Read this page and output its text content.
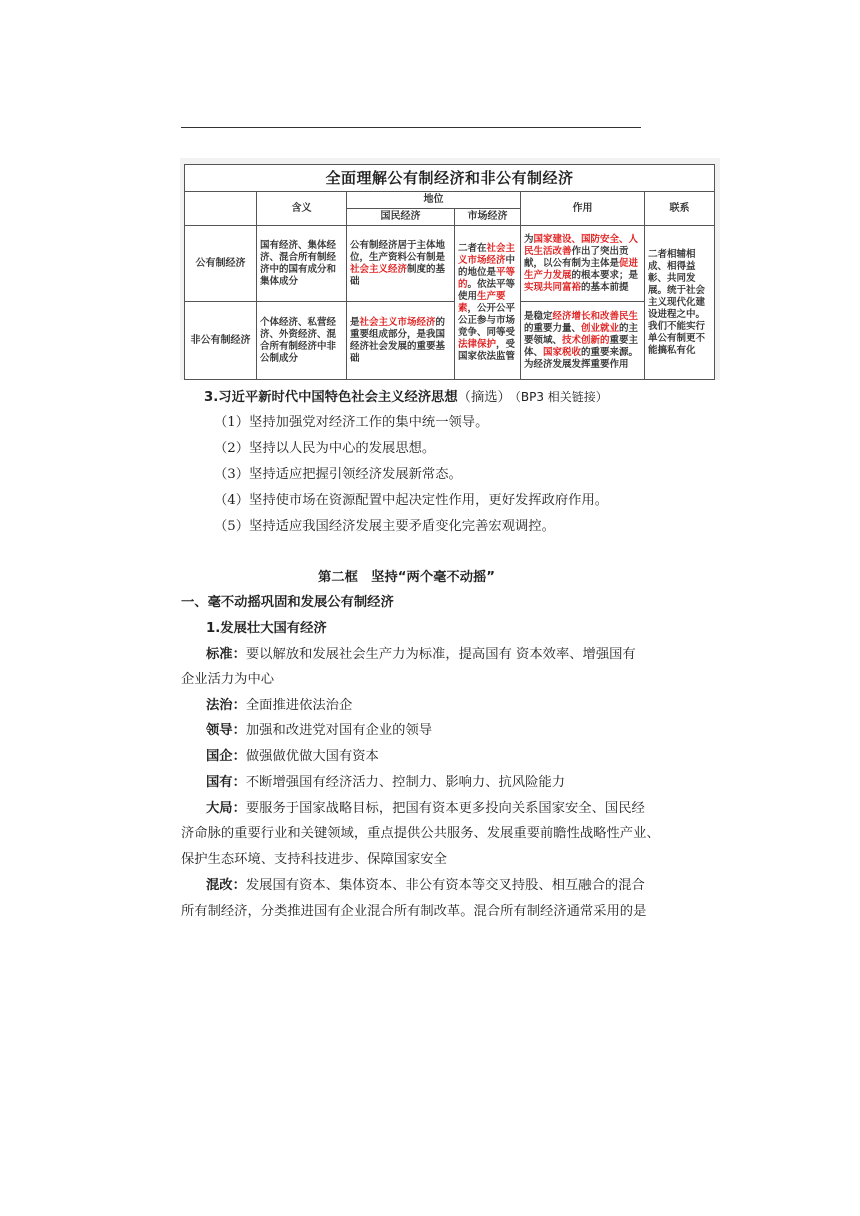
全面理解公有制经济和非公有制经济					
	含义	地位		作用	联系
		国民经济	市场经济		
公有制经济	国有经济、集体经济、混合所有制经济中的国有成分和集体成分	公有制经济居于主体地位，生产资料公有制是社会主义经济制度的基础	二者在社会主义市场经济中的地位是平等的。依法平等使用生产要素，公开公平公正参与市场竞争、同等受法律保护，受国家依法监管	为国家建设、国防安全、人民生活改善作出了突出贡献，以公有制为主体是促进生产力发展的根本要求；是实现共同富裕的基本前提	二者相辅相成、相得益彰、共同发展。统于社会主义现代化建设进程之中。我们不能实行单公有制更不能搞私有化
非公有制经济	个体经济、私营经济、外资经济、混合所有制经济中非公制成分	是社会主义市场经济的重要组成部分，是我国经济社会发展的重要基础		是稳定经济增长和改善民生的重要力量、创业就业的主要领域、技术创新的重要主体、国家税收的重要来源。为经济发展发挥重要作用	
3.习近平新时代中国特色社会主义经济思想（摘选） （BP3 相关链接）
（1）坚持加强党对经济工作的集中统一领导。
（2）坚持以人民为中心的发展思想。
（3）坚持适应把握引领经济发展新常态。
（4）坚持使市场在资源配置中起决定性作用，更好发挥政府作用。
（5）坚持适应我国经济发展主要矛盾变化完善宏观调控。
第二框　坚持“两个毫不动摇”
一、毫不动摇巩固和发展公有制经济
1.发展壮大国有经济
标准：要以解放和发展社会生产力为标准，提高国有 资本效率、增强国有
企业活力为中心
法治：全面推进依法治企
领导：加强和改进党对国有企业的领导
国企：做强做优做大国有资本
国有：不断增强国有经济活力、控制力、影响力、抗风险能力
大局：要服务于国家战略目标，把国有资本更多投向关系国家安全、国民经
济命脉的重要行业和关键领域，重点提供公共服务、发展重要前瞻性战略性产业、
保护生态环境、支持科技进步、保障国家安全
混改：发展国有资本、集体资本、非公有资本等交叉持股、相互融合的混合
所有制经济，分类推进国有企业混合所有制改革。混合所有制经济通常采用的是
